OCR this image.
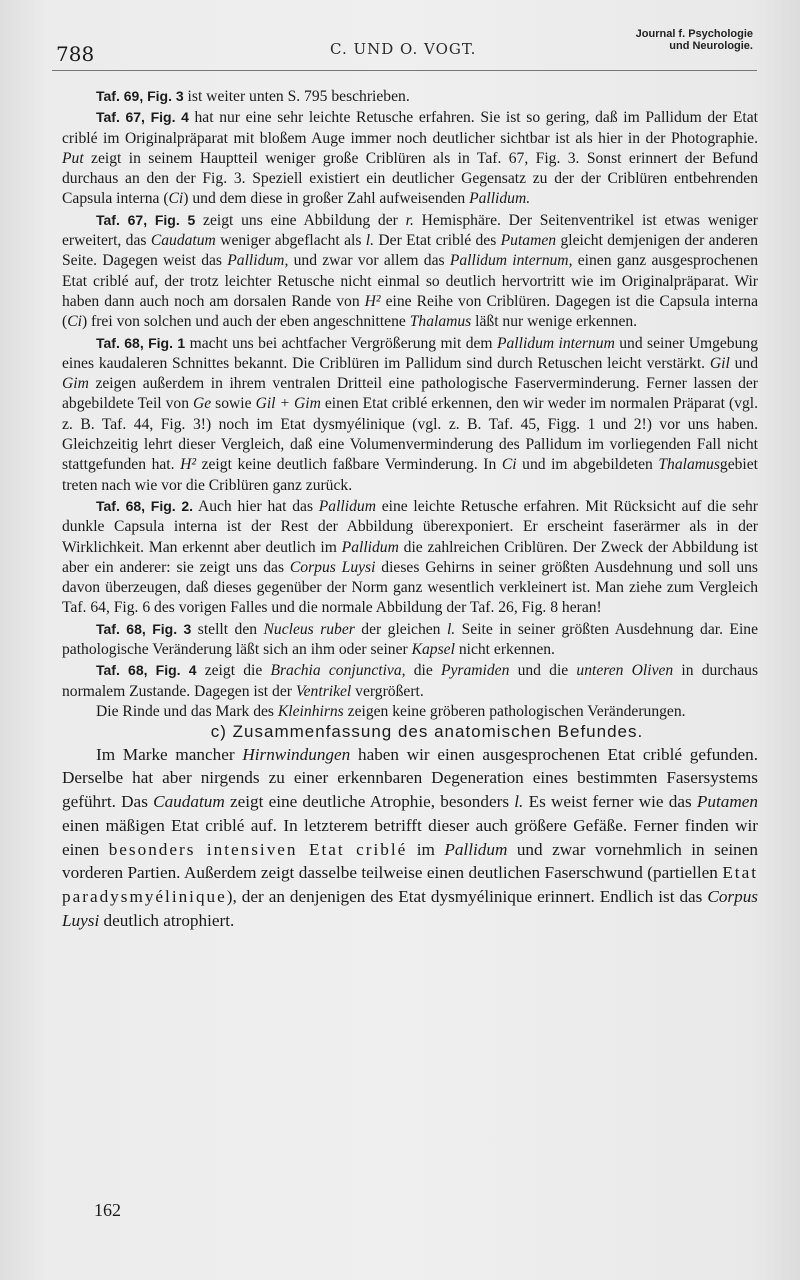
788	C. UND O. VOGT.
Journal f. Psychologie
und Neurologie.

Taf. 69, Fig. 3 ist weiter unten S. 795 beschrieben.

Taf. 67, Fig. 4 hat nur eine sehr leichte Retusche erfahren. Sie ist so gering, daß im Pallidum der Etat criblé im Originalpräparat mit bloßem Auge immer noch deutlicher sichtbar ist als hier in der Photographie. Put zeigt in seinem Hauptteil weniger große Criblüren als in Taf. 67, Fig. 3. Sonst erinnert der Befund durchaus an den der Fig. 3. Speziell existiert ein deutlicher Gegensatz zu der der Criblüren entbehrenden Capsula interna (Ci) und dem diese in großer Zahl aufweisenden Pallidum.

Taf. 67, Fig. 5 zeigt uns eine Abbildung der r. Hemisphäre. Der Seitenventrikel ist etwas weniger erweitert, das Caudatum weniger abgeflacht als l. Der Etat criblé des Putamen gleicht demjenigen der anderen Seite. Dagegen weist das Pallidum, und zwar vor allem das Pallidum internum, einen ganz ausgesprochenen Etat criblé auf, der trotz leichter Retusche nicht einmal so deutlich hervortritt wie im Originalpräparat. Wir haben dann auch noch am dorsalen Rande von H² eine Reihe von Criblüren. Dagegen ist die Capsula interna (Ci) frei von solchen und auch der eben angeschnittene Thalamus läßt nur wenige erkennen.

Taf. 68, Fig. 1 macht uns bei achtfacher Vergrößerung mit dem Pallidum internum und seiner Umgebung eines kaudaleren Schnittes bekannt. Die Criblüren im Pallidum sind durch Retuschen leicht verstärkt. Gil und Gim zeigen außerdem in ihrem ventralen Dritteil eine pathologische Faserverminderung. Ferner lassen der abgebildete Teil von Ge sowie Gil + Gim einen Etat criblé erkennen, den wir weder im normalen Präparat (vgl. z. B. Taf. 44, Fig. 3!) noch im Etat dysmyélinique (vgl. z. B. Taf. 45, Figg. 1 und 2!) vor uns haben. Gleichzeitig lehrt dieser Vergleich, daß eine Volumenverminderung des Pallidum im vorliegenden Fall nicht stattgefunden hat. H² zeigt keine deutlich faßbare Verminderung. In Ci und im abgebildeten Thalamusgebiet treten nach wie vor die Criblüren ganz zurück.

Taf. 68, Fig. 2. Auch hier hat das Pallidum eine leichte Retusche erfahren. Mit Rücksicht auf die sehr dunkle Capsula interna ist der Rest der Abbildung überexponiert. Er erscheint faserärmer als in der Wirklichkeit. Man erkennt aber deutlich im Pallidum die zahlreichen Criblüren. Der Zweck der Abbildung ist aber ein anderer: sie zeigt uns das Corpus Luysi dieses Gehirns in seiner größten Ausdehnung und soll uns davon überzeugen, daß dieses gegenüber der Norm ganz wesentlich verkleinert ist. Man ziehe zum Vergleich Taf. 64, Fig. 6 des vorigen Falles und die normale Abbildung der Taf. 26, Fig. 8 heran!

Taf. 68, Fig. 3 stellt den Nucleus ruber der gleichen l. Seite in seiner größten Ausdehnung dar. Eine pathologische Veränderung läßt sich an ihm oder seiner Kapsel nicht erkennen.

Taf. 68, Fig. 4 zeigt die Brachia conjunctiva, die Pyramiden und die unteren Oliven in durchaus normalem Zustande. Dagegen ist der Ventrikel vergrößert.

Die Rinde und das Mark des Kleinhirns zeigen keine gröberen pathologischen Veränderungen.

c) Zusammenfassung des anatomischen Befundes.

Im Marke mancher Hirnwindungen haben wir einen ausgesprochenen Etat criblé gefunden. Derselbe hat aber nirgends zu einer erkennbaren Degeneration eines bestimmten Fasersystems geführt. Das Caudatum zeigt eine deutliche Atrophie, besonders l. Es weist ferner wie das Putamen einen mäßigen Etat criblé auf. In letzterem betrifft dieser auch größere Gefäße. Ferner finden wir einen besonders intensiven Etat criblé im Pallidum und zwar vornehmlich in seinen vorderen Partien. Außerdem zeigt dasselbe teilweise einen deutlichen Faserschwund (partiellen Etat paradysmyélinique), der an denjenigen des Etat dysmyélinique erinnert. Endlich ist das Corpus Luysi deutlich atrophiert.

162
